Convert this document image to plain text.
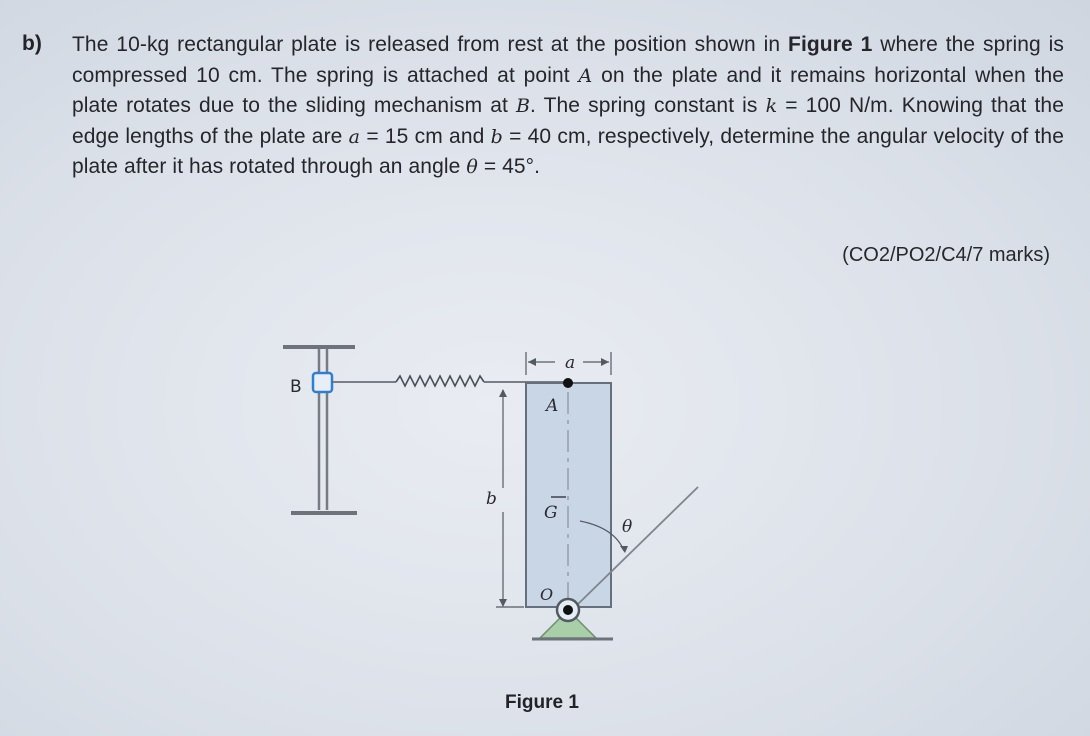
b) The 10-kg rectangular plate is released from rest at the position shown in Figure 1 where the spring is compressed 10 cm. The spring is attached at point A on the plate and it remains horizontal when the plate rotates due to the sliding mechanism at B. The spring constant is k = 100 N/m. Knowing that the edge lengths of the plate are a = 15 cm and b = 40 cm, respectively, determine the angular velocity of the plate after it has rotated through an angle θ = 45°.
(CO2/PO2/C4/7 marks)
B
a
A
G
b
θ
O
Figure 1
